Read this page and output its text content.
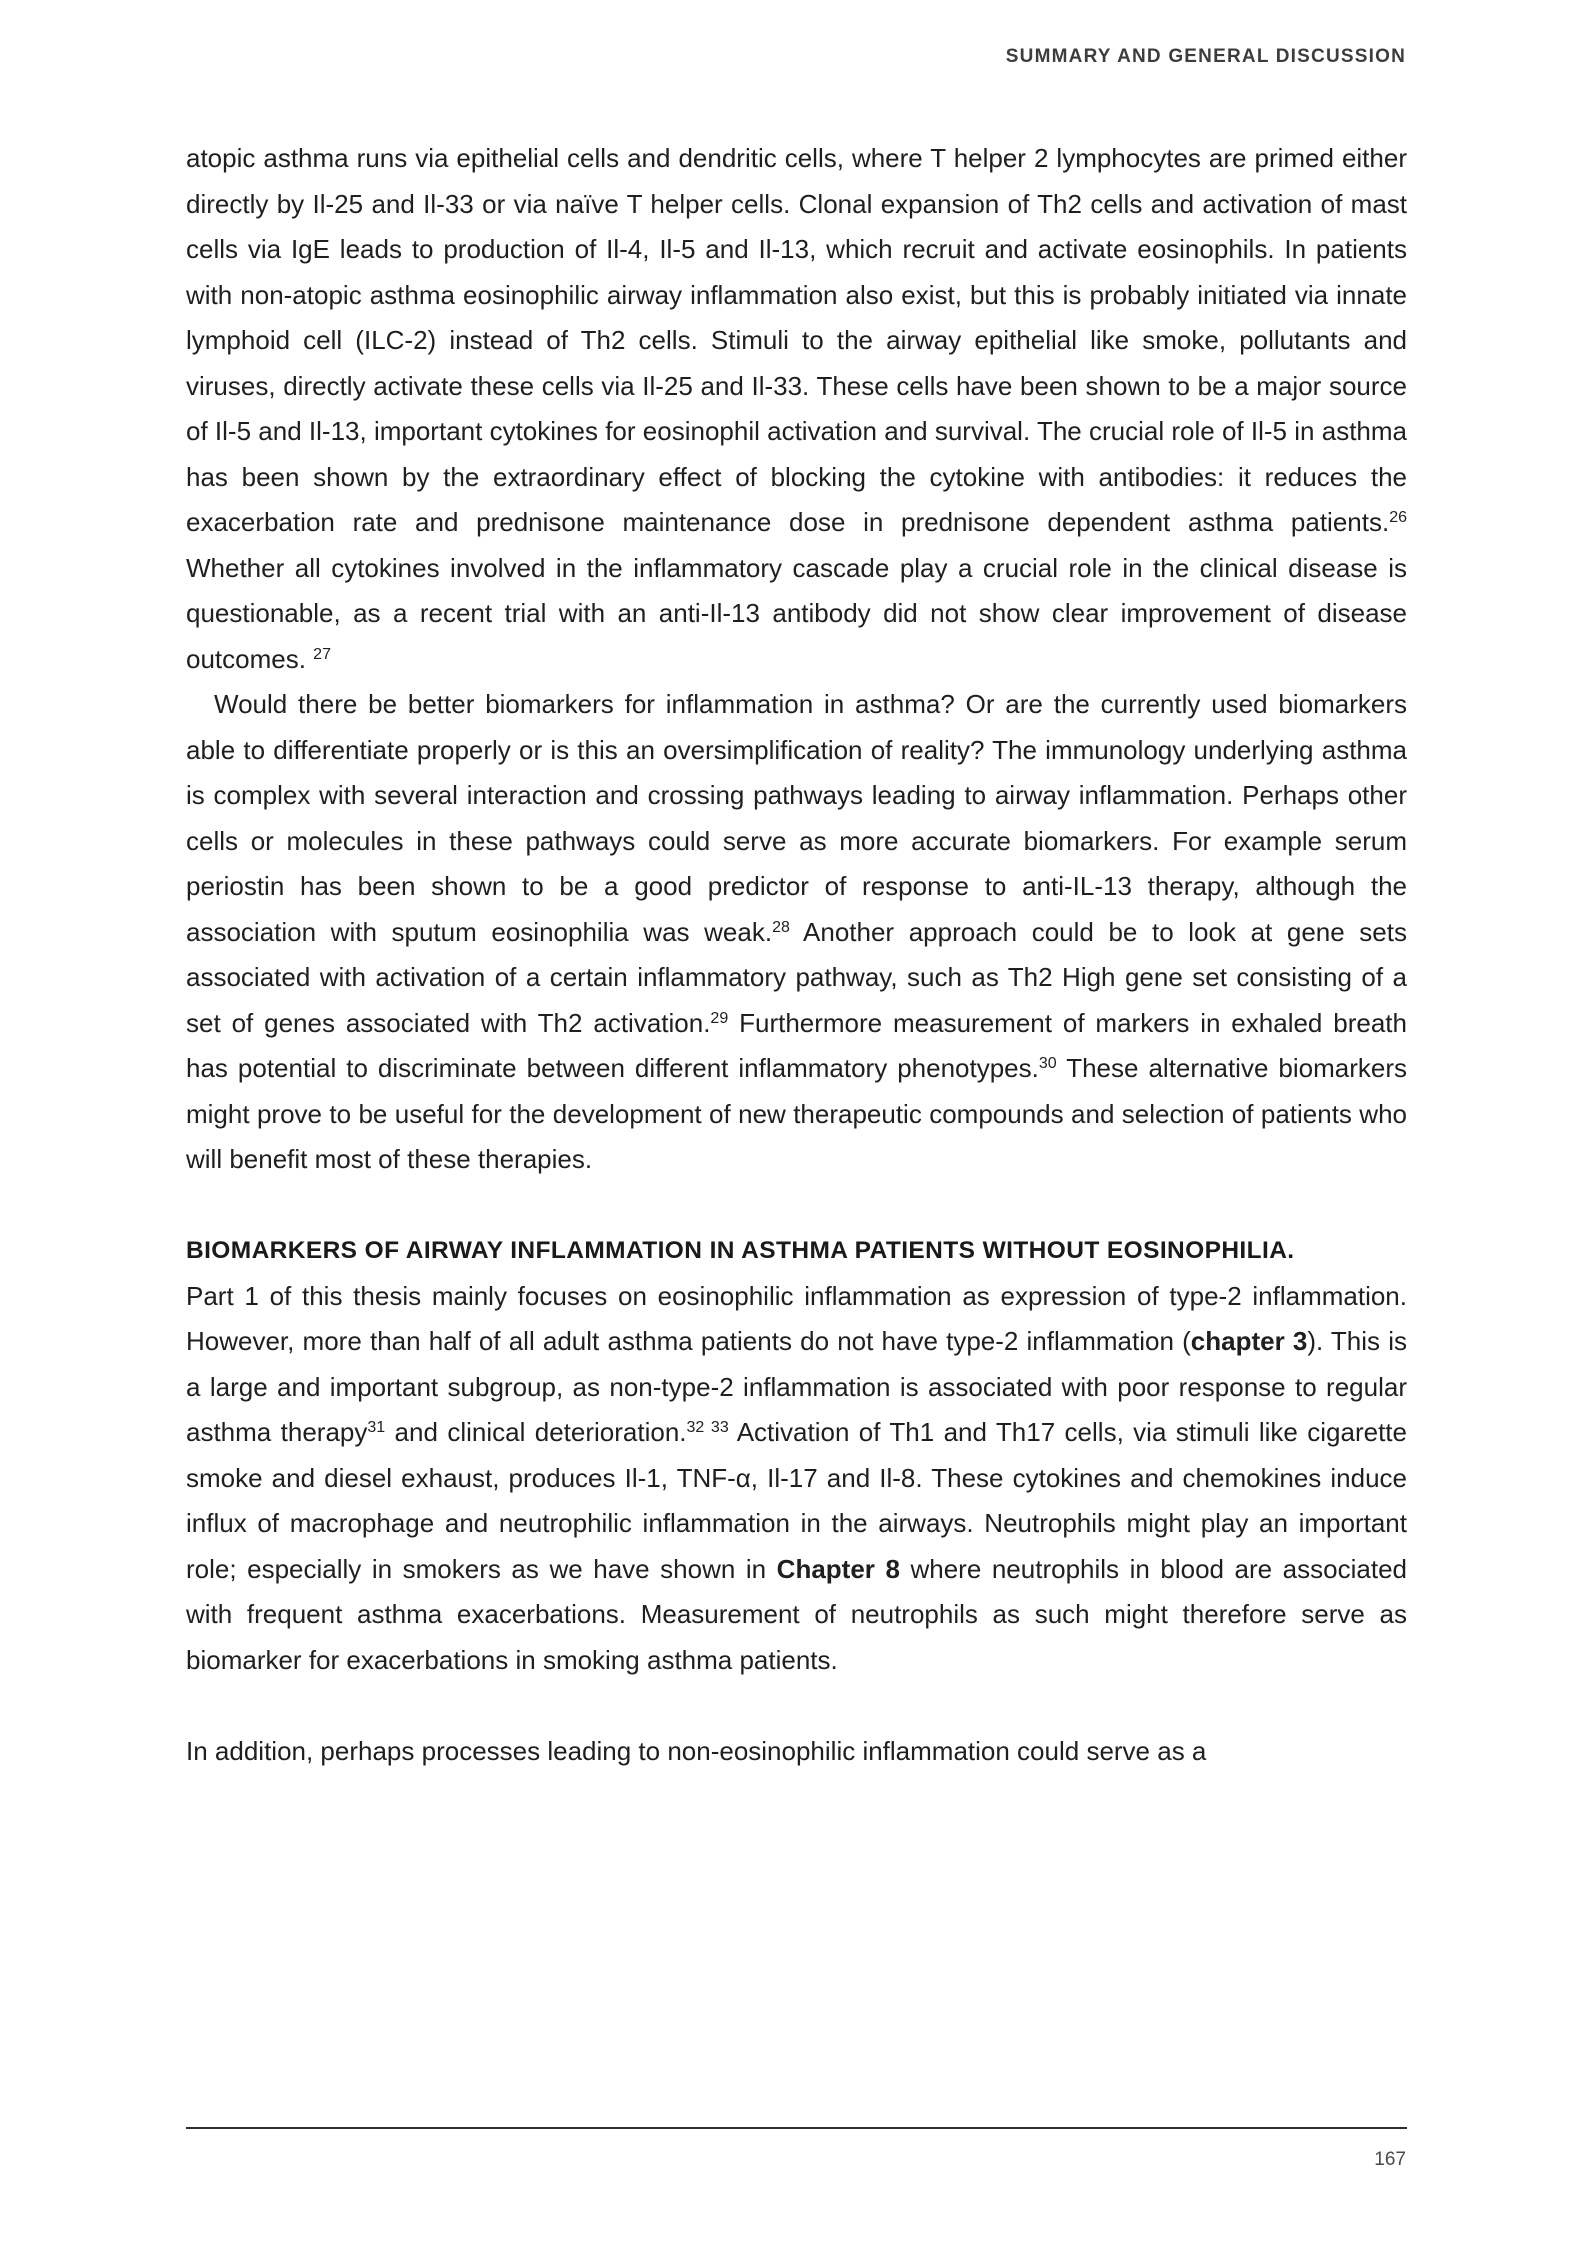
SUMMARY AND GENERAL DISCUSSION

atopic asthma runs via epithelial cells and dendritic cells, where T helper 2 lymphocytes are primed either directly by Il-25 and Il-33 or via naïve T helper cells. Clonal expansion of Th2 cells and activation of mast cells via IgE leads to production of Il-4, Il-5 and Il-13, which recruit and activate eosinophils. In patients with non-atopic asthma eosinophilic airway inflammation also exist, but this is probably initiated via innate lymphoid cell (ILC-2) instead of Th2 cells. Stimuli to the airway epithelial like smoke, pollutants and viruses, directly activate these cells via Il-25 and Il-33. These cells have been shown to be a major source of Il-5 and Il-13, important cytokines for eosinophil activation and survival. The crucial role of Il-5 in asthma has been shown by the extraordinary effect of blocking the cytokine with antibodies: it reduces the exacerbation rate and prednisone maintenance dose in prednisone dependent asthma patients.$^{26}$ Whether all cytokines involved in the inflammatory cascade play a crucial role in the clinical disease is questionable, as a recent trial with an anti-Il-13 antibody did not show clear improvement of disease outcomes. $^{27}$

Would there be better biomarkers for inflammation in asthma? Or are the currently used biomarkers able to differentiate properly or is this an oversimplification of reality? The immunology underlying asthma is complex with several interaction and crossing pathways leading to airway inflammation. Perhaps other cells or molecules in these pathways could serve as more accurate biomarkers. For example serum periostin has been shown to be a good predictor of response to anti-IL-13 therapy, although the association with sputum eosinophilia was weak.$^{28}$ Another approach could be to look at gene sets associated with activation of a certain inflammatory pathway, such as Th2 High gene set consisting of a set of genes associated with Th2 activation.$^{29}$ Furthermore measurement of markers in exhaled breath has potential to discriminate between different inflammatory phenotypes.$^{30}$ These alternative biomarkers might prove to be useful for the development of new therapeutic compounds and selection of patients who will benefit most of these therapies.

BIOMARKERS OF AIRWAY INFLAMMATION IN ASTHMA PATIENTS WITHOUT EOSINOPHILIA.

Part 1 of this thesis mainly focuses on eosinophilic inflammation as expression of type-2 inflammation. However, more than half of all adult asthma patients do not have type-2 inflammation (chapter 3). This is a large and important subgroup, as non-type-2 inflammation is associated with poor response to regular asthma therapy$^{31}$ and clinical deterioration.$^{32 33}$ Activation of Th1 and Th17 cells, via stimuli like cigarette smoke and diesel exhaust, produces Il-1, TNF-α, Il-17 and Il-8. These cytokines and chemokines induce influx of macrophage and neutrophilic inflammation in the airways. Neutrophils might play an important role; especially in smokers as we have shown in Chapter 8 where neutrophils in blood are associated with frequent asthma exacerbations. Measurement of neutrophils as such might therefore serve as biomarker for exacerbations in smoking asthma patients.

In addition, perhaps processes leading to non-eosinophilic inflammation could serve as a

167
